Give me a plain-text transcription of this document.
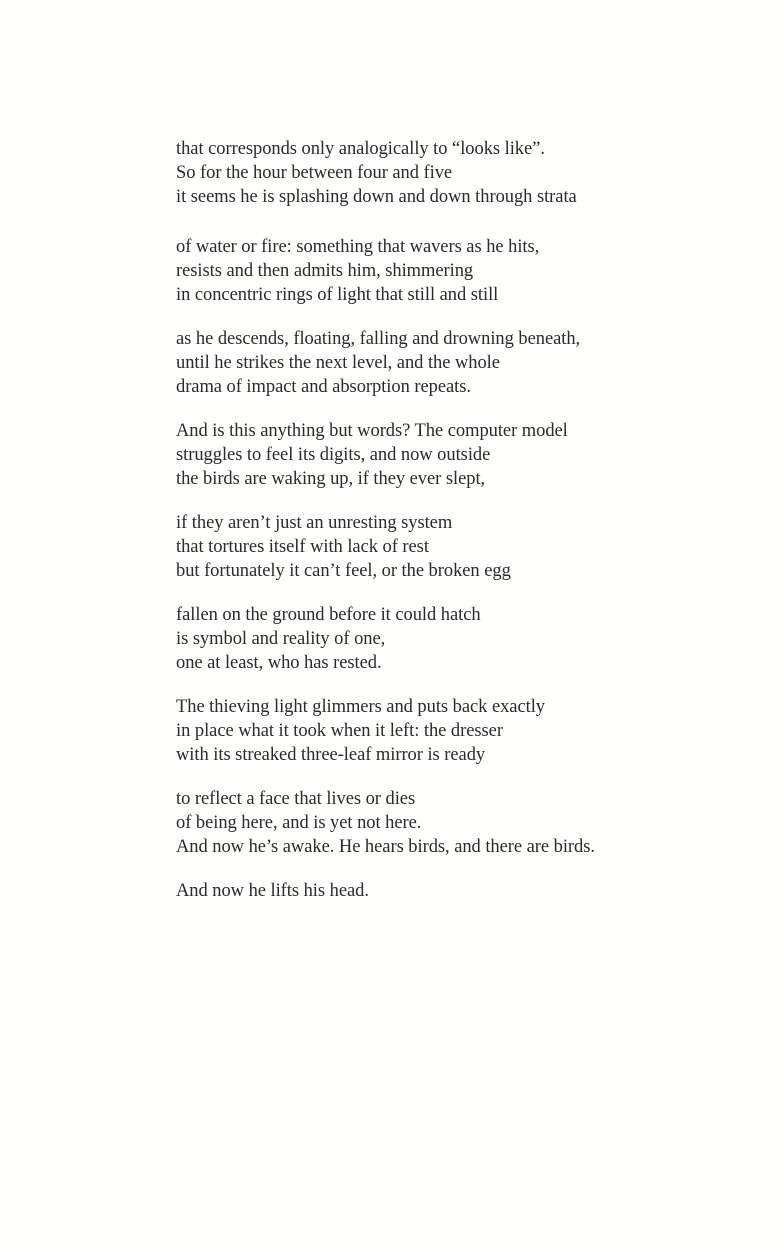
that corresponds only analogically to “looks like”.
So for the hour between four and five
it seems he is splashing down and down through strata
of water or fire: something that wavers as he hits,
resists and then admits him, shimmering
in concentric rings of light that still and still
as he descends, floating, falling and drowning beneath,
until he strikes the next level, and the whole
drama of impact and absorption repeats.
And is this anything but words? The computer model
struggles to feel its digits, and now outside
the birds are waking up, if they ever slept,
if they aren’t just an unresting system
that tortures itself with lack of rest
but fortunately it can’t feel, or the broken egg
fallen on the ground before it could hatch
is symbol and reality of one,
one at least, who has rested.
The thieving light glimmers and puts back exactly
in place what it took when it left: the dresser
with its streaked three-leaf mirror is ready
to reflect a face that lives or dies
of being here, and is yet not here.
And now he’s awake. He hears birds, and there are birds.
And now he lifts his head.
